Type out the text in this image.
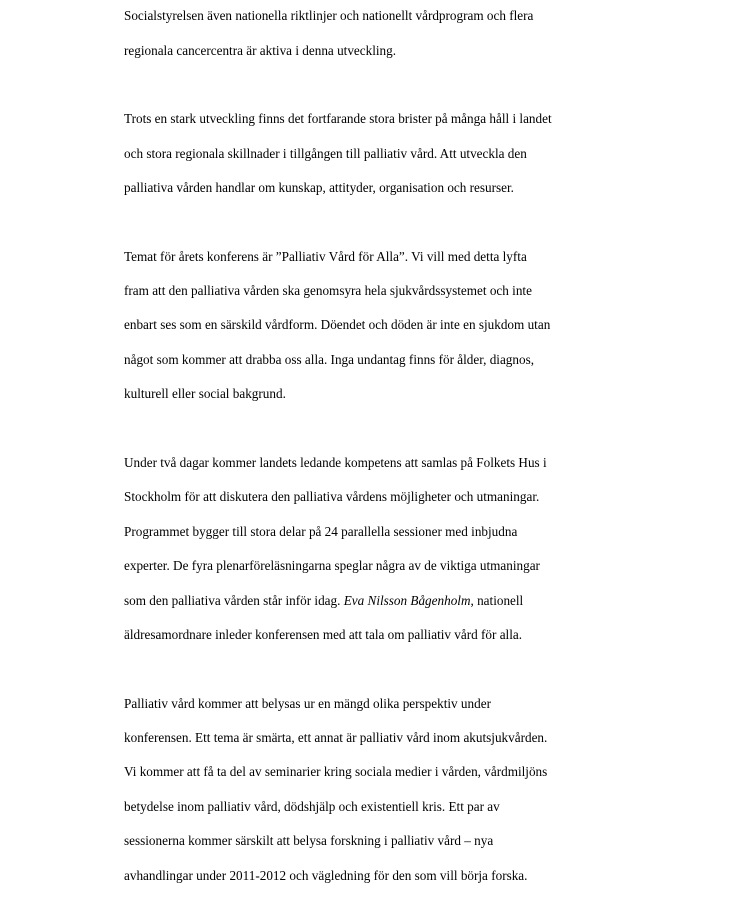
Socialstyrelsen även nationella riktlinjer och nationellt vårdprogram och flera

regionala cancercentra är aktiva i denna utveckling.

Trots en stark utveckling finns det fortfarande stora brister på många håll i landet

och stora regionala skillnader i tillgången till palliativ vård. Att utveckla den

palliativa vården handlar om kunskap, attityder, organisation och resurser.

Temat för årets konferens är ”Palliativ Vård för Alla”. Vi vill med detta lyfta

fram att den palliativa vården ska genomsyra hela sjukvårdssystemet och inte

enbart ses som en särskild vårdform. Döendet och döden är inte en sjukdom utan

något som kommer att drabba oss alla. Inga undantag finns för ålder, diagnos,

kulturell eller social bakgrund.

Under två dagar kommer landets ledande kompetens att samlas på Folkets Hus i

Stockholm för att diskutera den palliativa vårdens möjligheter och utmaningar.

Programmet bygger till stora delar på 24 parallella sessioner med inbjudna

experter. De fyra plenarföreläsningarna speglar några av de viktiga utmaningar

som den palliativa vården står inför idag. Eva Nilsson Bågenholm, nationell

äldresamordnare inleder konferensen med att tala om palliativ vård för alla.

Palliativ vård kommer att belysas ur en mängd olika perspektiv under

konferensen. Ett tema är smärta, ett annat är palliativ vård inom akutsjukvården.

Vi kommer att få ta del av seminarier kring sociala medier i vården, vårdmiljöns

betydelse inom palliativ vård, dödshjälp och existentiell kris. Ett par av

sessionerna kommer särskilt att belysa forskning i palliativ vård – nya

avhandlingar under 2011-2012 och vägledning för den som vill börja forska.
